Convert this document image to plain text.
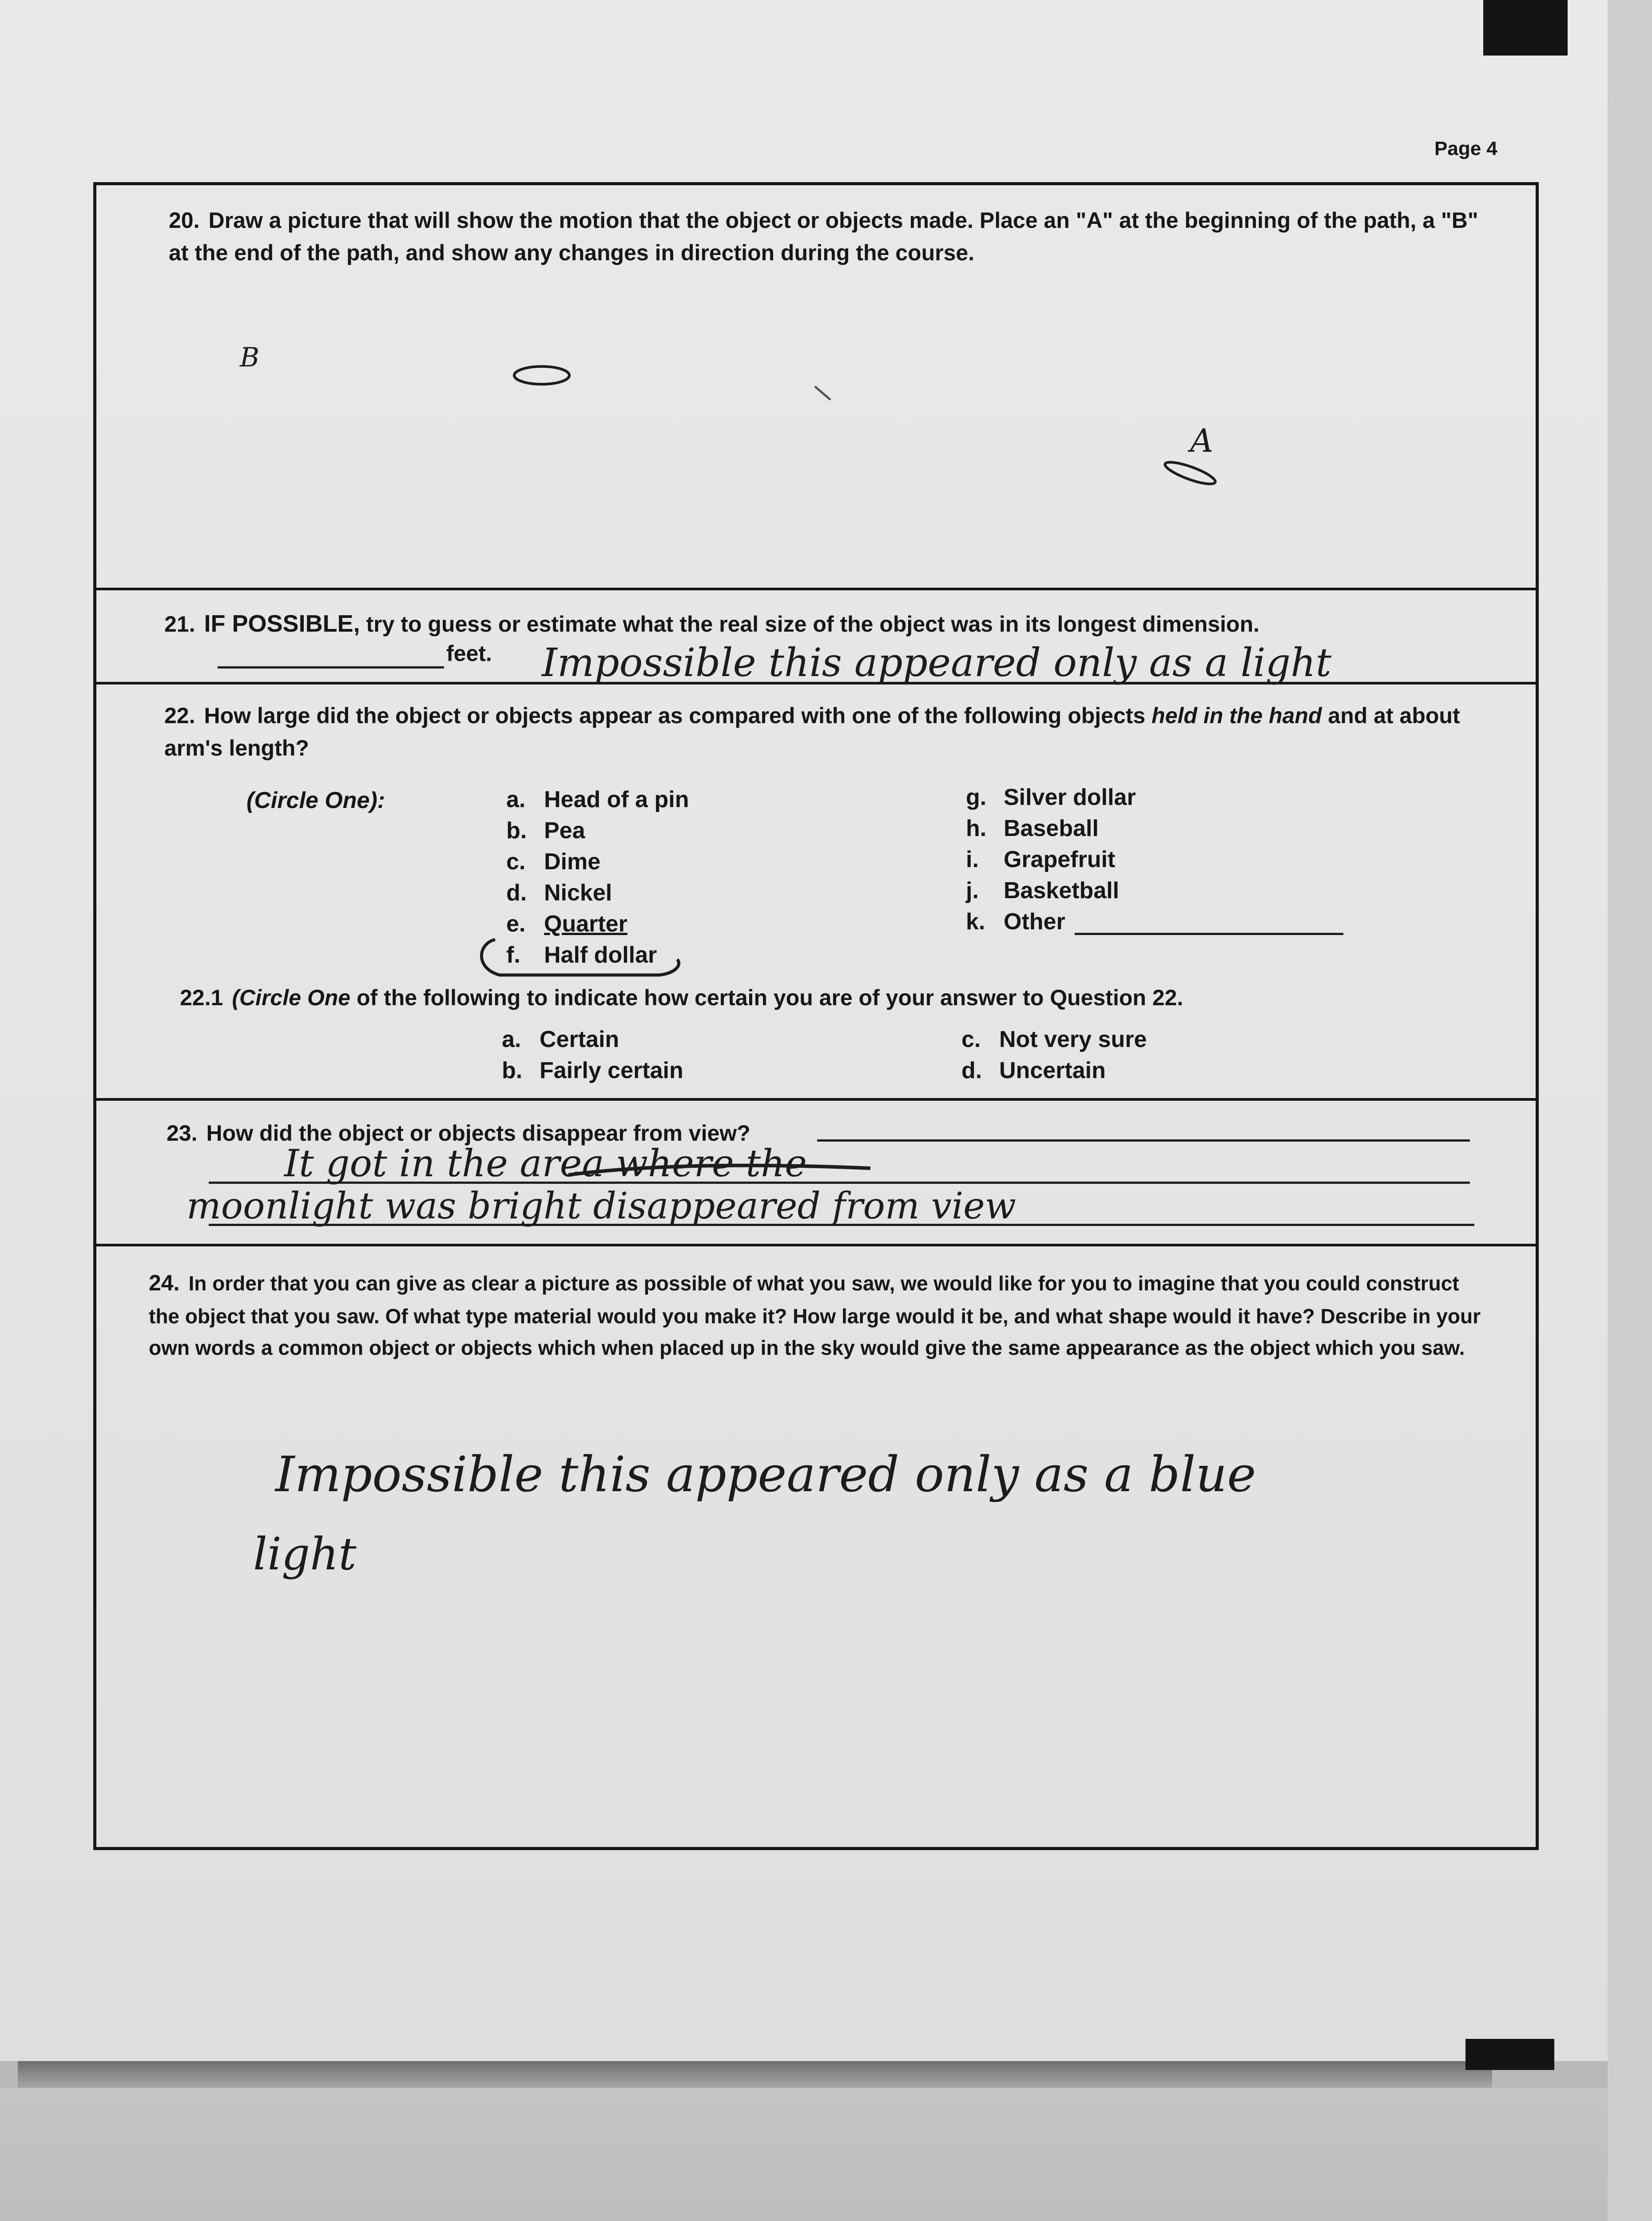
Page 4
20. Draw a picture that will show the motion that the object or objects made. Place an "A" at the beginning of the path, a "B" at the end of the path, and show any changes in direction during the course.
B
A
21. IF POSSIBLE, try to guess or estimate what the real size of the object was in its longest dimension.
feet. Impossible this appeared only as a light
22. How large did the object or objects appear as compared with one of the following objects held in the hand and at about arm's length?
(Circle One):	a. Head of a pin
b. Pea
c. Dime
d. Nickel
e. Quarter
f. Half dollar
g. Silver dollar
h. Baseball
i. Grapefruit
j. Basketball
k. Other
22.1 (Circle One of the following to indicate how certain you are of your answer to Question 22.
a. Certain
b. Fairly certain
c. Not very sure
d. Uncertain
23. How did the object or objects disappear from view?
It got in the area where the
moonlight was bright disappeared from view
24. In order that you can give as clear a picture as possible of what you saw, we would like for you to imagine that you could construct the object that you saw. Of what type material would you make it? How large would it be, and what shape would it have? Describe in your own words a common object or objects which when placed up in the sky would give the same appearance as the object which you saw.
Impossible this appeared only as a blue
light
